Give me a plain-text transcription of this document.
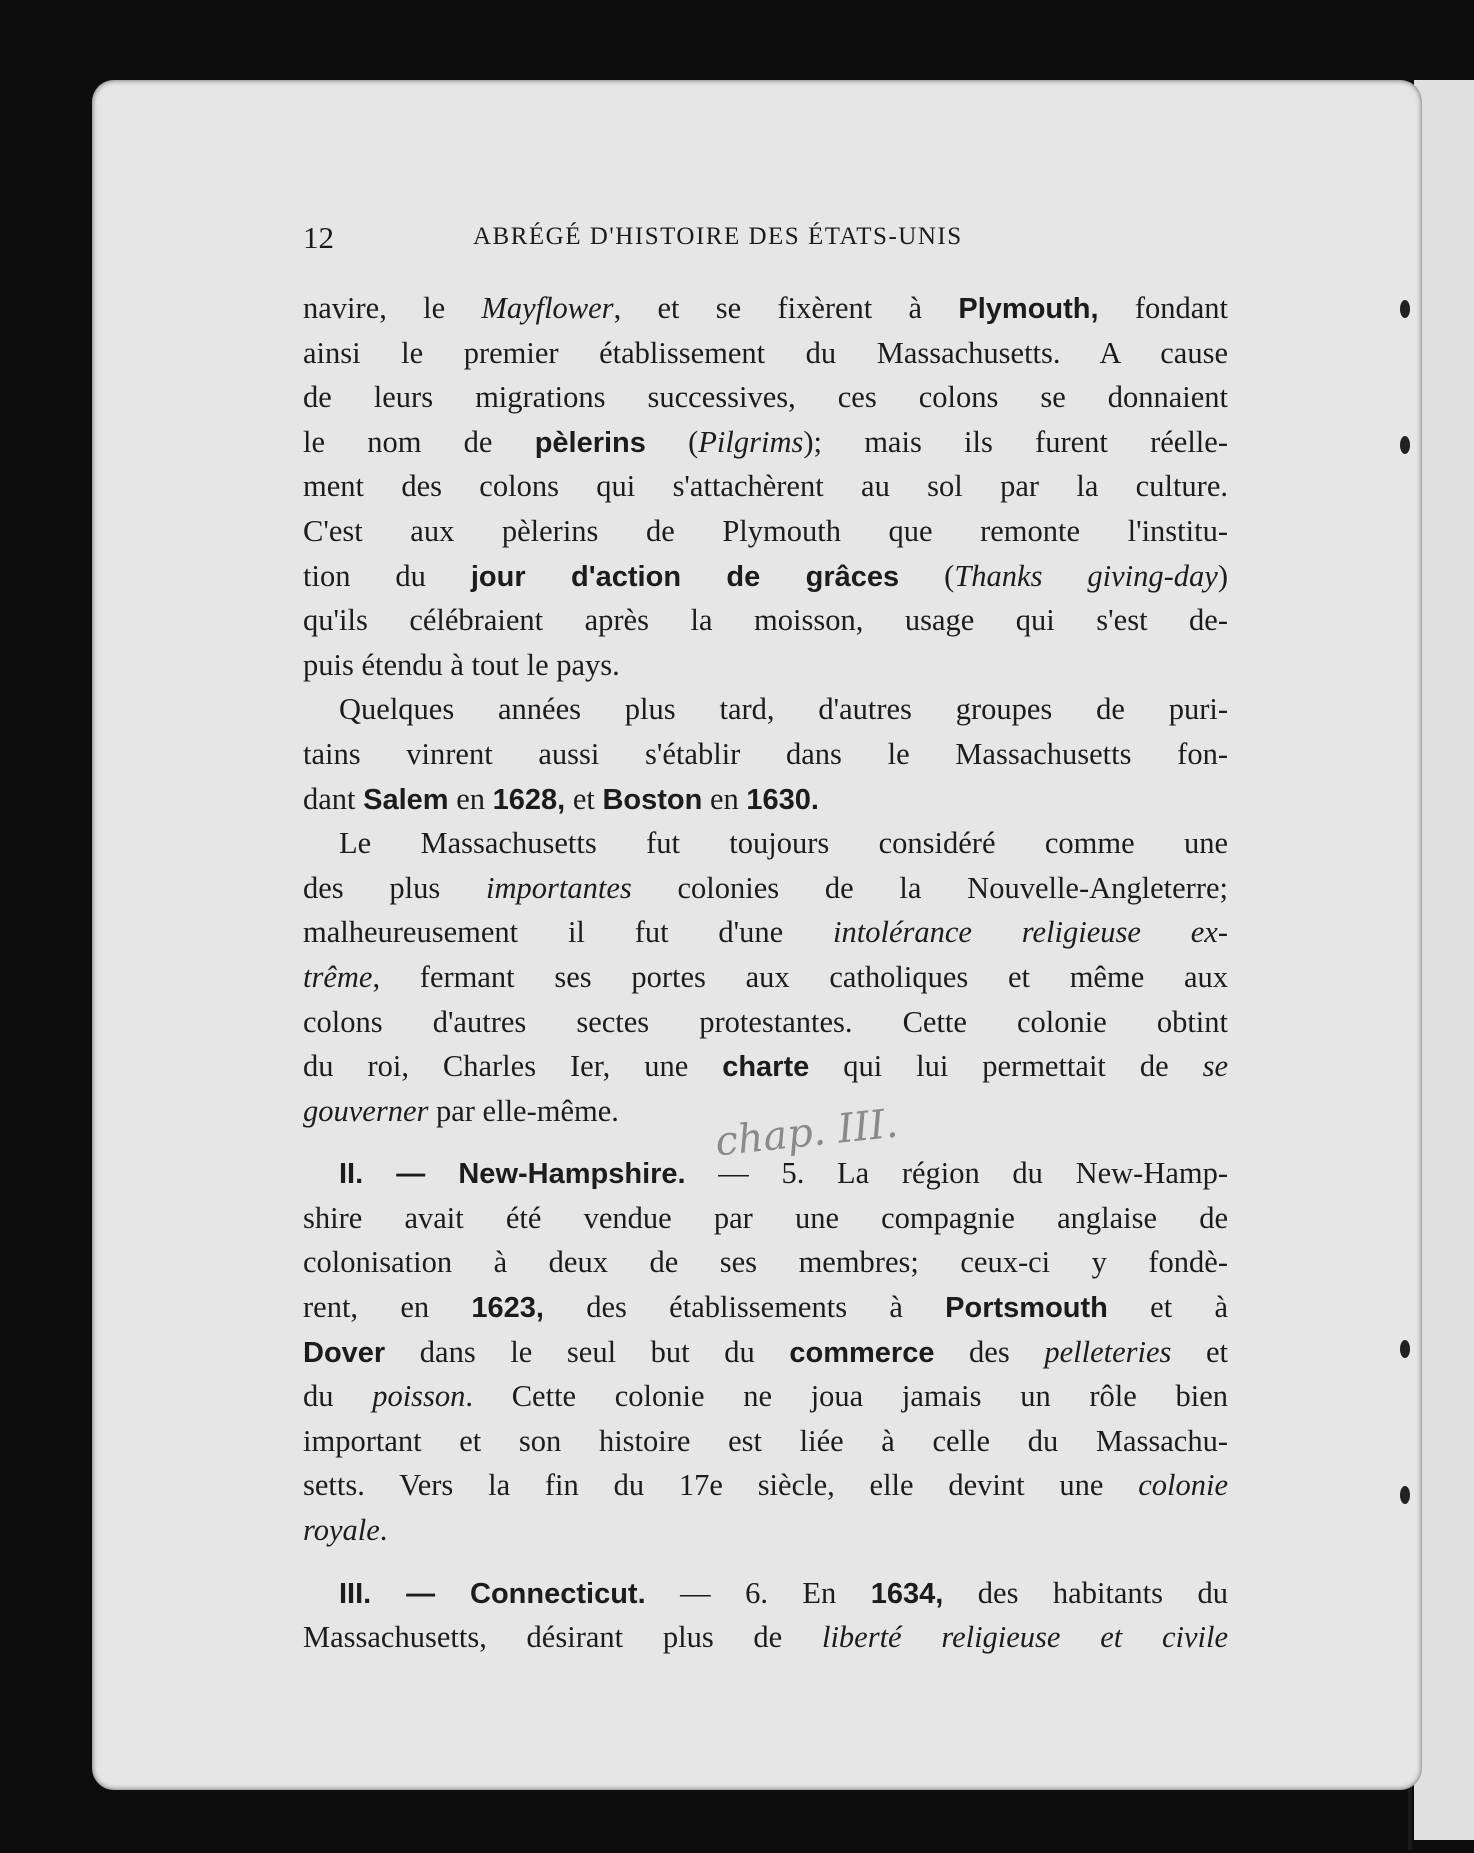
12	ABRÉGÉ D'HISTOIRE DES ÉTATS-UNIS
navire, le Mayflower, et se fixèrent à Plymouth, fondant
ainsi le premier établissement du Massachusetts. A cause
de leurs migrations successives, ces colons se donnaient
le nom de pèlerins (Pilgrims); mais ils furent réelle-
ment des colons qui s'attachèrent au sol par la culture.
C'est aux pèlerins de Plymouth que remonte l'institu-
tion du jour d'action de grâces (Thanks giving-day)
qu'ils célébraient après la moisson, usage qui s'est de-
puis étendu à tout le pays.
Quelques années plus tard, d'autres groupes de puri-
tains vinrent aussi s'établir dans le Massachusetts fon-
dant Salem en 1628, et Boston en 1630.
Le Massachusetts fut toujours considéré comme une
des plus importantes colonies de la Nouvelle-Angleterre;
malheureusement il fut d'une intolérance religieuse ex-
trême, fermant ses portes aux catholiques et même aux
colons d'autres sectes protestantes. Cette colonie obtint
du roi, Charles Ier, une charte qui lui permettait de se
gouverner par elle-même.
II. — New-Hampshire. — 5. La région du New-Hamp-
shire avait été vendue par une compagnie anglaise de
colonisation à deux de ses membres; ceux-ci y fondè-
rent, en 1623, des établissements à Portsmouth et à
Dover dans le seul but du commerce des pelleteries et
du poisson. Cette colonie ne joua jamais un rôle bien
important et son histoire est liée à celle du Massachu-
setts. Vers la fin du 17e siècle, elle devint une colonie
royale.
III. — Connecticut. — 6. En 1634, des habitants du
Massachusetts, désirant plus de liberté religieuse et civile
chap. III.
